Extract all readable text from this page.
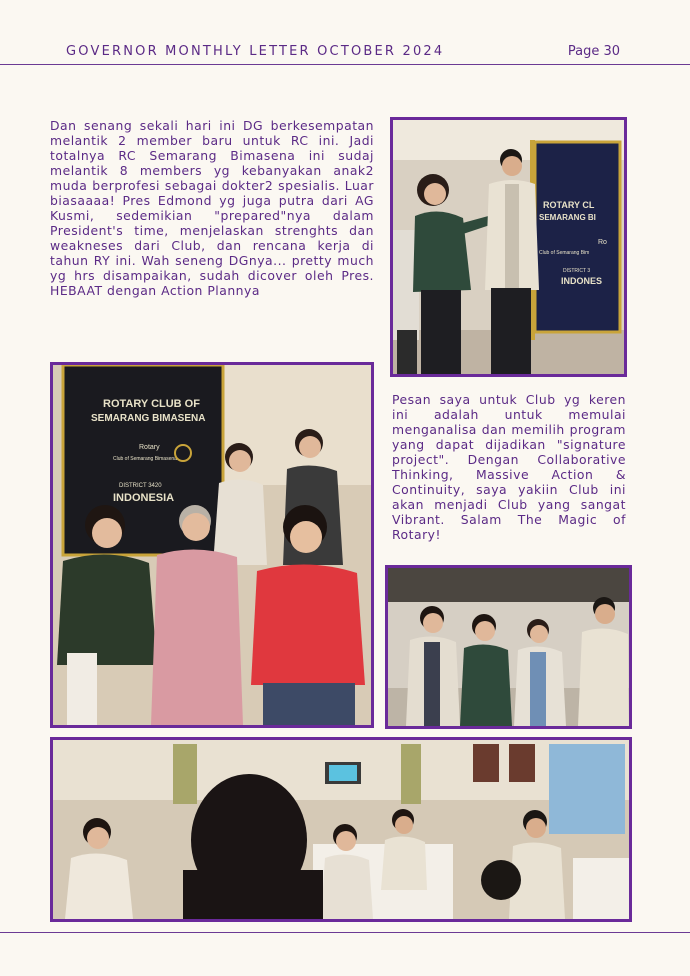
GOVERNOR MONTHLY LETTER OCTOBER 2024	Page 30

Dan senang sekali hari ini DG berkesempatan melantik 2 member baru untuk RC ini. Jadi totalnya RC Semarang Bimasena ini sudaj melantik 8 members yg kebanyakan anak2 muda berprofesi sebagai dokter2 spesialis. Luar biasaaaa! Pres Edmond yg juga putra dari AG Kusmi, sedemikian "prepared"nya dalam President's time, menjelaskan strenghts dan weakneses dari Club, dan rencana kerja di tahun RY ini. Wah seneng DGnya... pretty much yg hrs disampaikan, sudah dicover oleh Pres. HEBAAT dengan Action Plannya

ROTARY CL
SEMARANG BI
Ro
Club of Semarang Bim
DISTRICT 3
INDONES
ROTARY CLUB OF
SEMARANG BIMASENA
Rotary
Club of Semarang Bimasena
DISTRICT 3420
INDONESIA

Pesan saya untuk Club yg keren ini adalah untuk memulai menganalisa dan memilih program yang dapat dijadikan "signature project". Dengan Collaborative Thinking, Massive Action & Continuity, saya yakiin Club ini akan menjadi Club yang sangat Vibrant. Salam The Magic of Rotary!
